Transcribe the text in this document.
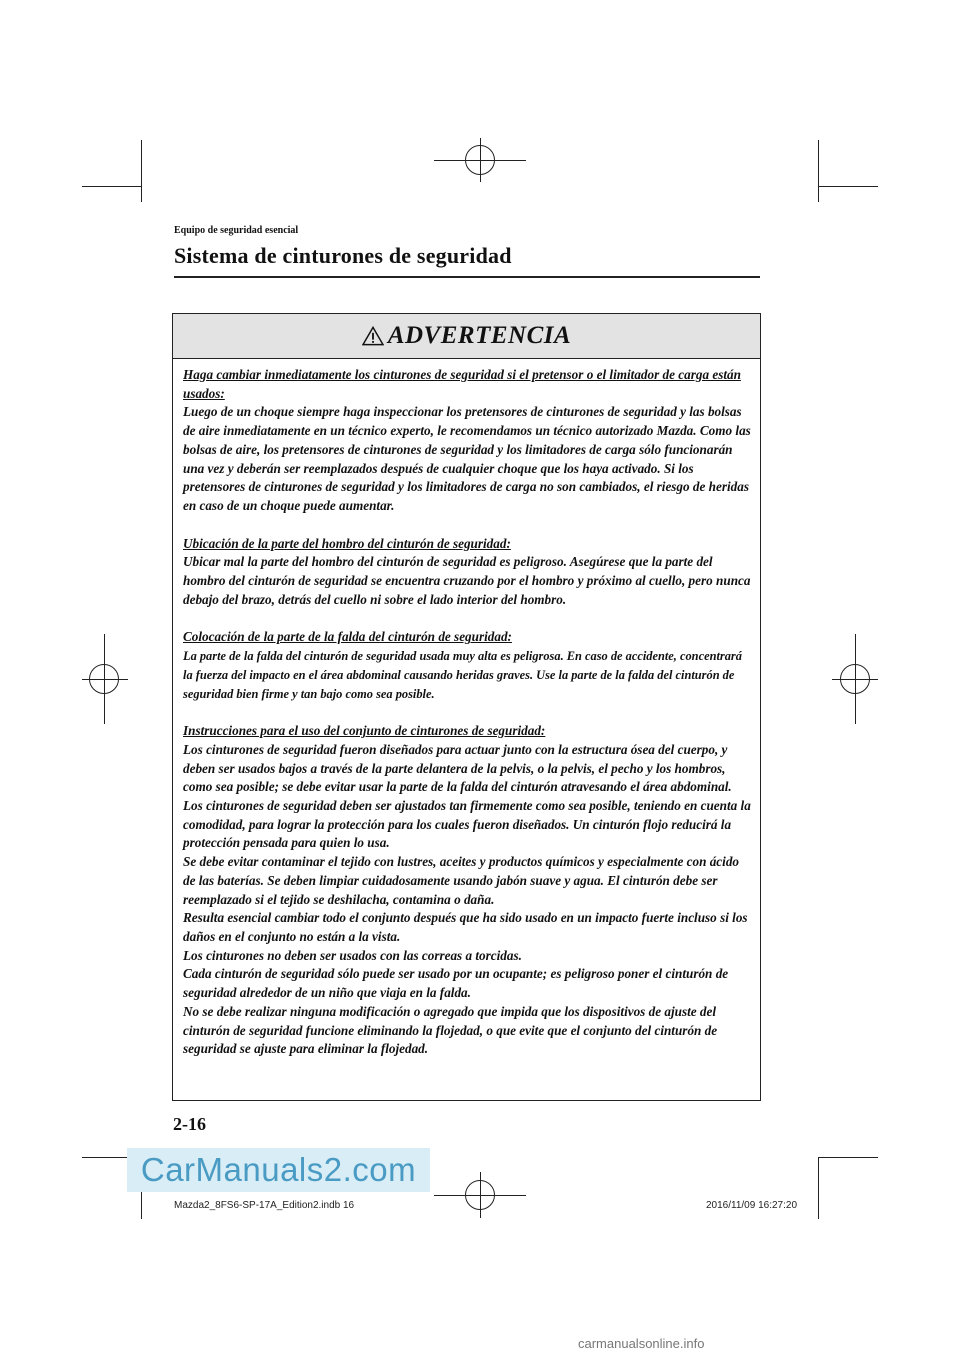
Equipo de seguridad esencial
Sistema de cinturones de seguridad
ADVERTENCIA

Haga cambiar inmediatamente los cinturones de seguridad si el pretensor o el limitador de carga están usados:

Luego de un choque siempre haga inspeccionar los pretensores de cinturones de seguridad y las bolsas de aire inmediatamente en un técnico experto, le recomendamos un técnico autorizado Mazda. Como las bolsas de aire, los pretensores de cinturones de seguridad y los limitadores de carga sólo funcionarán una vez y deberán ser reemplazados después de cualquier choque que los haya activado. Si los pretensores de cinturones de seguridad y los limitadores de carga no son cambiados, el riesgo de heridas en caso de un choque puede aumentar.

Ubicación de la parte del hombro del cinturón de seguridad:

Ubicar mal la parte del hombro del cinturón de seguridad es peligroso. Asegúrese que la parte del hombro del cinturón de seguridad se encuentra cruzando por el hombro y próximo al cuello, pero nunca debajo del brazo, detrás del cuello ni sobre el lado interior del hombro.

Colocación de la parte de la falda del cinturón de seguridad:

La parte de la falda del cinturón de seguridad usada muy alta es peligrosa. En caso de accidente, concentrará la fuerza del impacto en el área abdominal causando heridas graves. Use la parte de la falda del cinturón de seguridad bien firme y tan bajo como sea posible.

Instrucciones para el uso del conjunto de cinturones de seguridad:

Los cinturones de seguridad fueron diseñados para actuar junto con la estructura ósea del cuerpo, y deben ser usados bajos a través de la parte delantera de la pelvis, o la pelvis, el pecho y los hombros, como sea posible; se debe evitar usar la parte de la falda del cinturón atravesando el área abdominal.

Los cinturones de seguridad deben ser ajustados tan firmemente como sea posible, teniendo en cuenta la comodidad, para lograr la protección para los cuales fueron diseñados. Un cinturón flojo reducirá la protección pensada para quien lo usa.

Se debe evitar contaminar el tejido con lustres, aceites y productos químicos y especialmente con ácido de las baterías. Se deben limpiar cuidadosamente usando jabón suave y agua. El cinturón debe ser reemplazado si el tejido se deshilacha, contamina o daña.

Resulta esencial cambiar todo el conjunto después que ha sido usado en un impacto fuerte incluso si los daños en el conjunto no están a la vista.

Los cinturones no deben ser usados con las correas a torcidas.

Cada cinturón de seguridad sólo puede ser usado por un ocupante; es peligroso poner el cinturón de seguridad alrededor de un niño que viaja en la falda.

No se debe realizar ninguna modificación o agregado que impida que los dispositivos de ajuste del cinturón de seguridad funcione eliminando la flojedad, o que evite que el conjunto del cinturón de seguridad se ajuste para eliminar la flojedad.

2-16
CarManuals2.com
Mazda2_8FS6-SP-17A_Edition2.indb 16	2016/11/09 16:27:20
carmanualsonline.info
